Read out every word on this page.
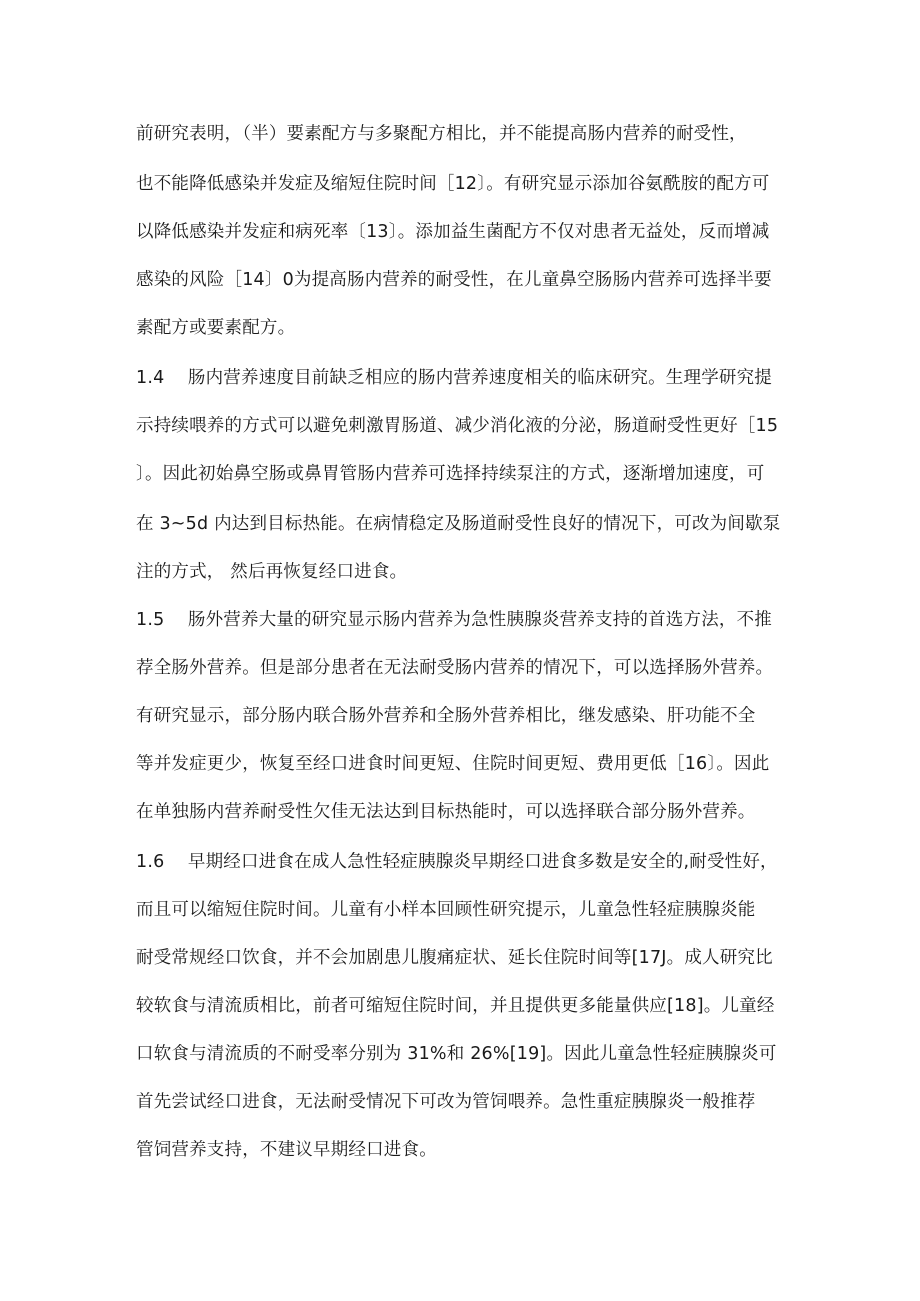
前研究表明，（半）要素配方与多聚配方相比，并不能提高肠内营养的耐受性，
也不能降低感染并发症及缩短住院时间［12〕。有研究显示添加谷氨酰胺的配方可
以降低感染并发症和病死率〔13〕。添加益生菌配方不仅对患者无益处，反而增减
感染的风险［14〕0为提高肠内营养的耐受性，在儿童鼻空肠肠内营养可选择半要
素配方或要素配方。
1.4　 肠内营养速度目前缺乏相应的肠内营养速度相关的临床研究。生理学研究提
示持续喂养的方式可以避免刺激胃肠道、减少消化液的分泌，肠道耐受性更好［15
〕。因此初始鼻空肠或鼻胃管肠内营养可选择持续泵注的方式，逐渐增加速度，可
在 3~5d 内达到目标热能。在病情稳定及肠道耐受性良好的情况下，可改为间歇泵
注的方式， 然后再恢复经口进食。
1.5　 肠外营养大量的研究显示肠内营养为急性胰腺炎营养支持的首选方法，不推
荐全肠外营养。但是部分患者在无法耐受肠内营养的情况下，可以选择肠外营养。
有研究显示，部分肠内联合肠外营养和全肠外营养相比，继发感染、肝功能不全
等并发症更少，恢复至经口进食时间更短、住院时间更短、费用更低［16〕。因此
在单独肠内营养耐受性欠佳无法达到目标热能时，可以选择联合部分肠外营养。
1.6　 早期经口进食在成人急性轻症胰腺炎早期经口进食多数是安全的,耐受性好，
而且可以缩短住院时间。儿童有小样本回顾性研究提示，儿童急性轻症胰腺炎能
耐受常规经口饮食，并不会加剧患儿腹痛症状、延长住院时间等[17J。成人研究比
较软食与清流质相比，前者可缩短住院时间，并且提供更多能量供应[18]。儿童经
口软食与清流质的不耐受率分别为 31%和 26%[19]。因此儿童急性轻症胰腺炎可
首先尝试经口进食，无法耐受情况下可改为管饲喂养。急性重症胰腺炎一般推荐
管饲营养支持，不建议早期经口进食。
